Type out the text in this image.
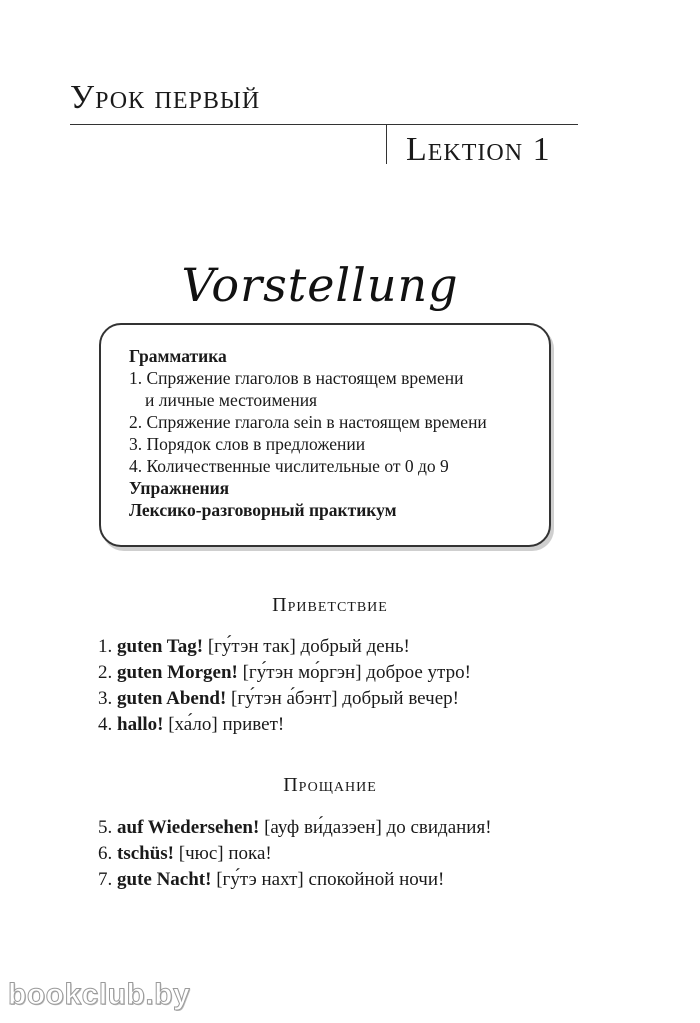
Урок первый
Lektion 1
Vorstellung
Грамматика
1. Спряжение глаголов в настоящем времени
и личные местоимения
2. Спряжение глагола sein в настоящем времени
3. Порядок слов в предложении
4. Количественные числительные от 0 до 9
Упражнения
Лексико-разговорный практикум
Приветствие
1. guten Tag! [гу́тэн так] добрый день!
2. guten Morgen! [гу́тэн мо́ргэн] доброе утро!
3. guten Abend! [гу́тэн а́бэнт] добрый вечер!
4. hallo! [ха́ло] привет!
Прощание
5. auf Wiedersehen! [ауф ви́дазэен] до свидания!
6. tschüs! [чюс] пока!
7. gute Nacht! [гу́тэ нахт] спокойной ночи!
bookclub.by
